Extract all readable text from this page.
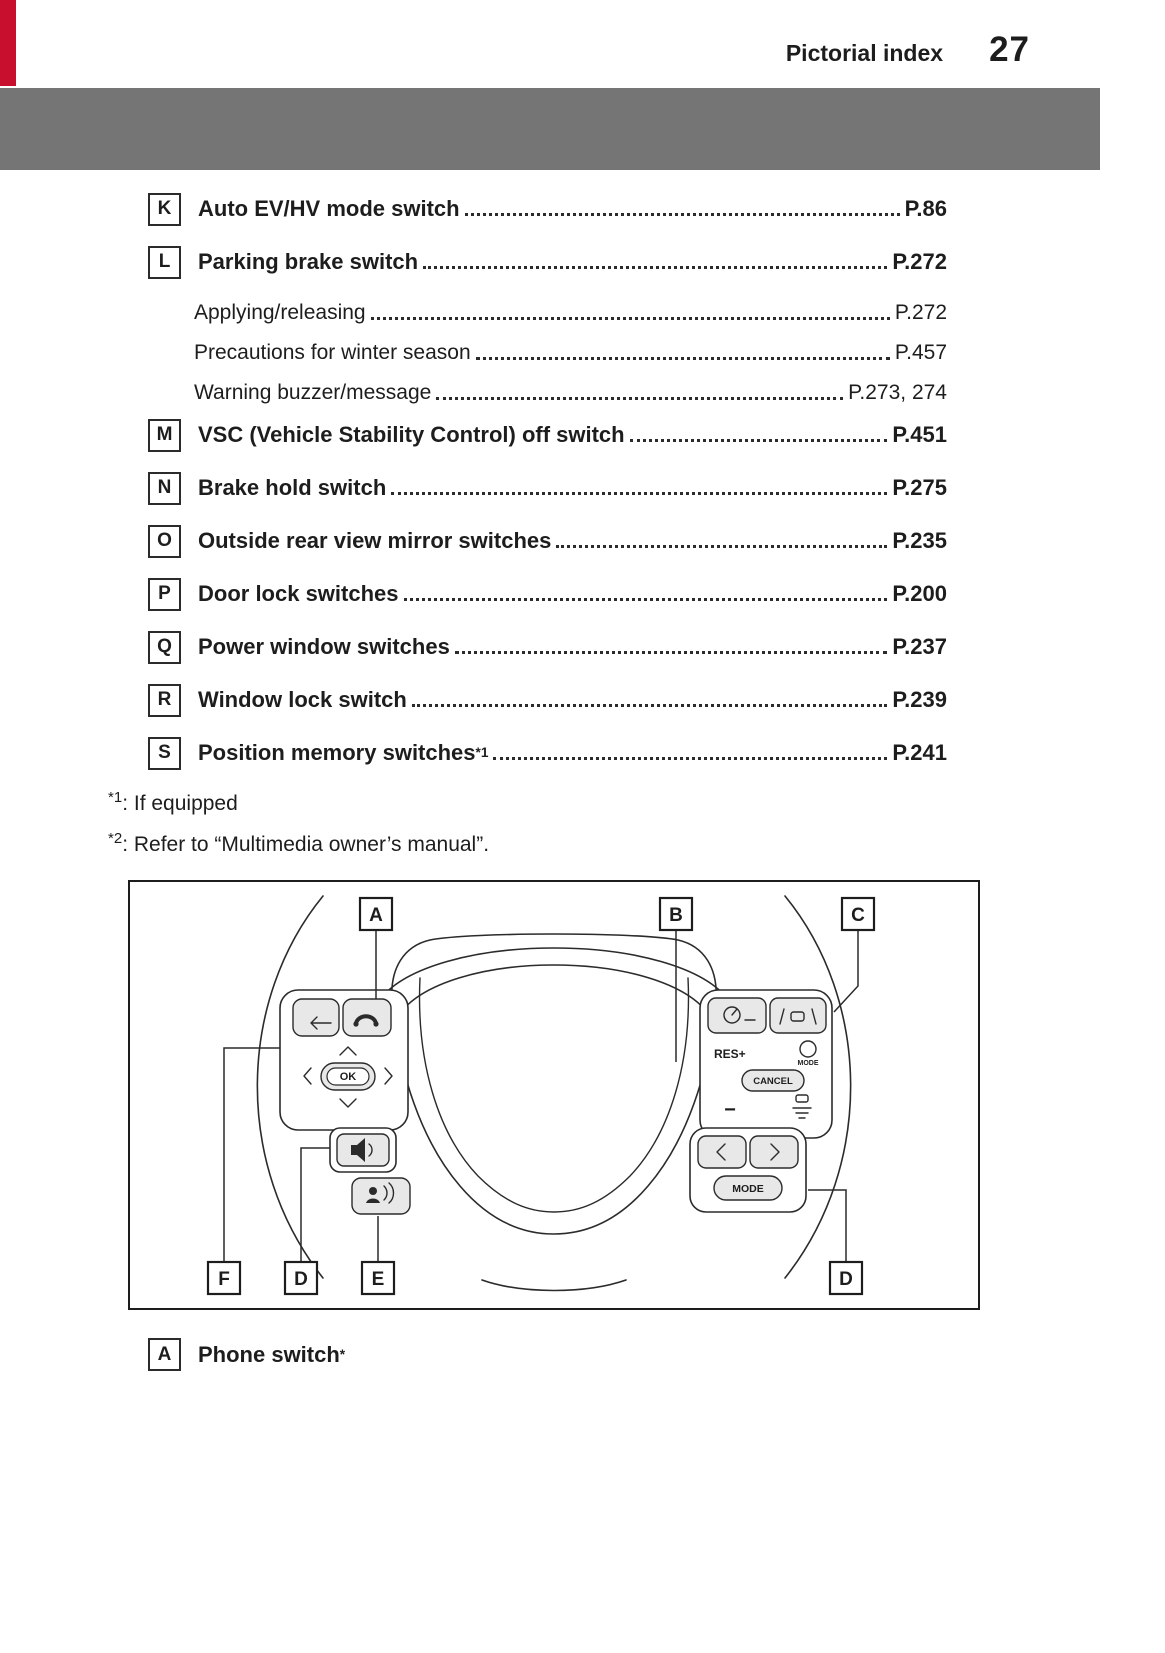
Pictorial index 27
K	Auto EV/HV mode switch	P.86
L	Parking brake switch	P.272
Applying/releasing	P.272
Precautions for winter season	P.457
Warning buzzer/message	P.273, 274
M	VSC (Vehicle Stability Control) off switch	P.451
N	Brake hold switch	P.275
O	Outside rear view mirror switches	P.235
P	Door lock switches	P.200
Q	Power window switches	P.237
R	Window lock switch	P.239
S	Position memory switches *1	P.241
$^{*1}$: If equipped
$^{*2}$: Refer to “Multimedia owner’s manual”.
OK
RES+
MODE
CANCEL
−
MODE
A	B	C
F	D	E	D
A	Phone switch *
